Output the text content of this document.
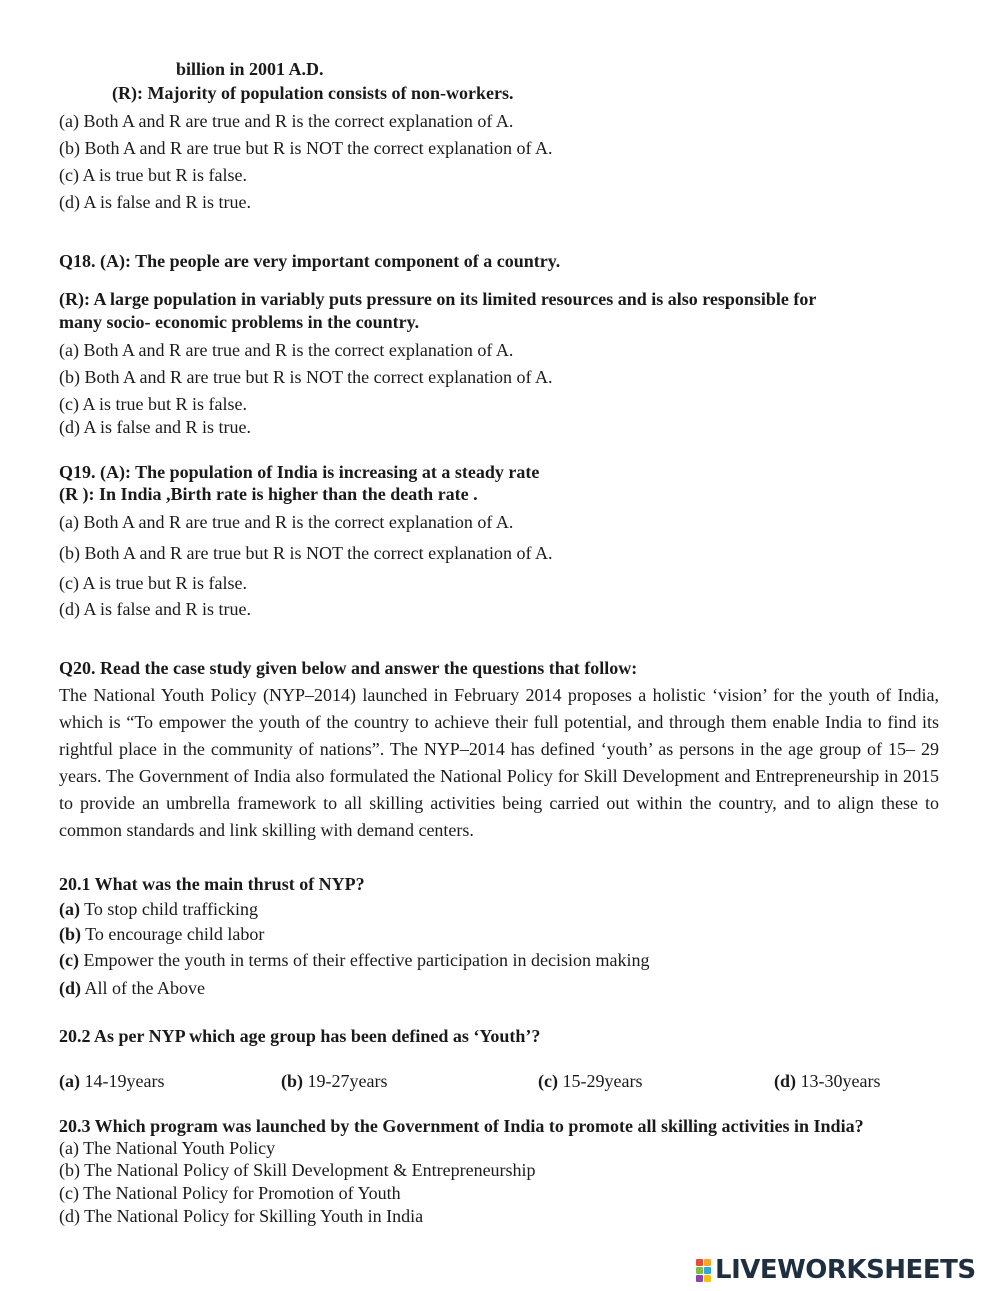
billion in 2001 A.D.
(R): Majority of population consists of non-workers.
(a) Both A and R are true and R is the correct explanation of A.
(b) Both A and R are true but R is NOT the correct explanation of A.
(c) A is true but R is false.
(d) A is false and R is true.
Q18. (A): The people are very important component of a country.
(R): A large population in variably puts pressure on its limited resources and is also responsible for
many socio- economic problems in the country.
(a) Both A and R are true and R is the correct explanation of A.
(b) Both A and R are true but R is NOT the correct explanation of A.
(c) A is true but R is false.
(d) A is false and R is true.
Q19. (A): The population of India is increasing at a steady rate
(R ): In India ,Birth rate is higher than the death rate .
(a) Both A and R are true and R is the correct explanation of A.
(b) Both A and R are true but R is NOT the correct explanation of A.
(c) A is true but R is false.
(d) A is false and R is true.
Q20. Read the case study given below and answer the questions that follow:
The National Youth Policy (NYP–2014) launched in February 2014 proposes a holistic ‘vision’ for the youth of India, which is “To empower the youth of the country to achieve their full potential, and through them enable India to find its rightful place in the community of nations”. The NYP–2014 has defined ‘youth’ as persons in the age group of 15– 29 years. The Government of India also formulated the National Policy for Skill Development and Entrepreneurship in 2015 to provide an umbrella framework to all skilling activities being carried out within the country, and to align these to common standards and link skilling with demand centers.
20.1 What was the main thrust of NYP?
(a) To stop child trafficking
(b) To encourage child labor
(c) Empower the youth in terms of their effective participation in decision making
(d) All of the Above
20.2 As per NYP which age group has been defined as ‘Youth’?
(a) 14-19years	(b) 19-27years	(c) 15-29years	(d) 13-30years
20.3 Which program was launched by the Government of India to promote all skilling activities in India?
(a) The National Youth Policy
(b) The National Policy of Skill Development & Entrepreneurship
(c) The National Policy for Promotion of Youth
(d) The National Policy for Skilling Youth in India
LIVEWORKSHEETS
